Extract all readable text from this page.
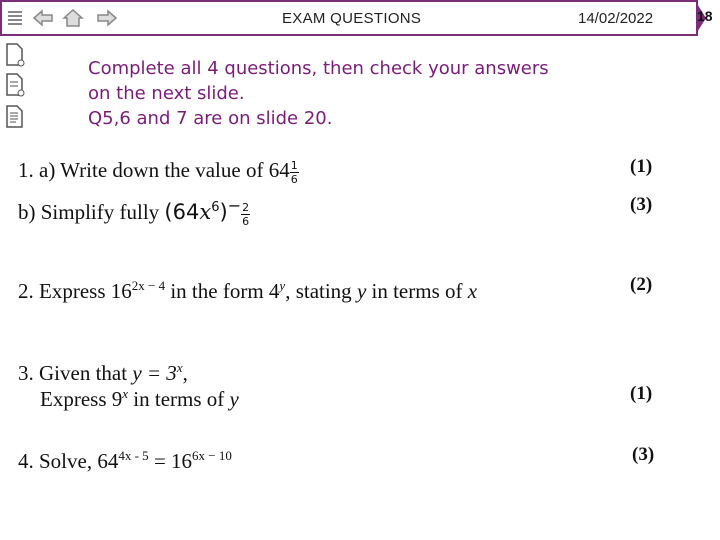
18
EXAM QUESTIONS	14/02/2022
Complete all 4 questions, then check your answers
on the next slide.
Q5,6 and 7 are on slide 20.
1. a) Write down the value of $64 \frac{1}{6}$	(1)
b) Simplify fully $(64x^6)^- \frac{2}{6}$	(3)
2. Express $16^{2x - 4}$ in the form 4$^y$, stating y in terms of x	(2)
3. Given that $y = 3^x$,
Express 9$^x$ in terms of y	(1)
4. Solve, $64^{4x - 5} = 16^{6x - 10}$	(3)
